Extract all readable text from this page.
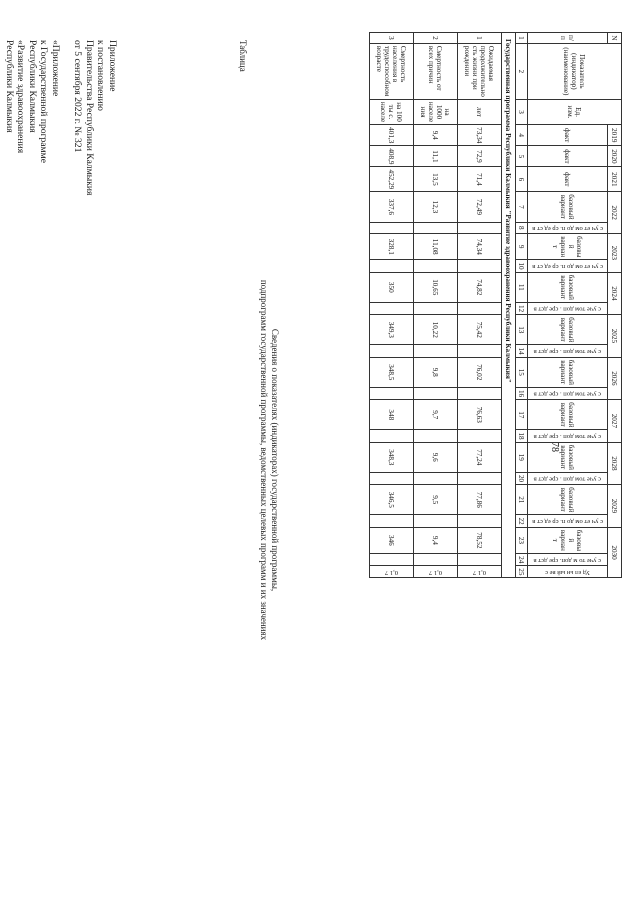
Приложение
к постановлению
Правительства Республики Калмыкия
от 5 сентября 2022 г. № 321
«Приложение
к Государственной программе
Республики Калмыкия
«Развитие здравоохранения
Республики Калмыкия	Таблица
Сведения о показателях (индикаторах) государственной программы,
подпрограмм государственной программы, ведомственных целевых программ и их значениях	78
N	Показатель (индикатор) (наименование)	Ед. изм.	2019	2020	2021	2022		2023		2024		2025		2026		2027		2028		2029		2030		
п/п			факт	факт	факт	базовый вариант	с уч ет ом до п. ср ед ст в	базовы й вариан т	с уч ет ом до п. ср ед ст в	базовый вариант	с уче том доп . сре дст в	базовый вариант	с уче том доп . сре дст в	базовый вариант	с уче том доп . сре дст в	базовый вариант	с уче том доп . сре дст в	базовый вариант	с уче том доп . сре дст в	базовый вариант	с уч ет ом до п. ср ед ст в	базовы й вариан т	с уче то м доп. сре дст в	Уд ел ьн ый ве с

1	2	3	4	5	6	7	8	9	10	11	12	13	14	15	16	17	18	19	20	21	22	23	24	25
Государственная программа Республики Калмыкия "Развитие здравоохранения Республики Калмыкия"																								
1	Ожидаемая продолжительно сть жизни при рождении	лет	73,34	72,9	71,4	72,49		74,34		74,82		75,42		76,02		76,63		77,24		77,86		78,52		0,1 7
2	Смертность от всех причин	на 1000 населе ния	9,4	11,1	13,5	12,3		11,08		10,65		10,22		9,8		9,7		9,6		9,5		9,4		0,1 7
3	Смертность населения в трудоспособном возрасте	на 100 ты с. населе	401,3	408,9	452,29	337,6		328,1		350		349,3		348,5		348		348,3		346,5		346		0,1 7
